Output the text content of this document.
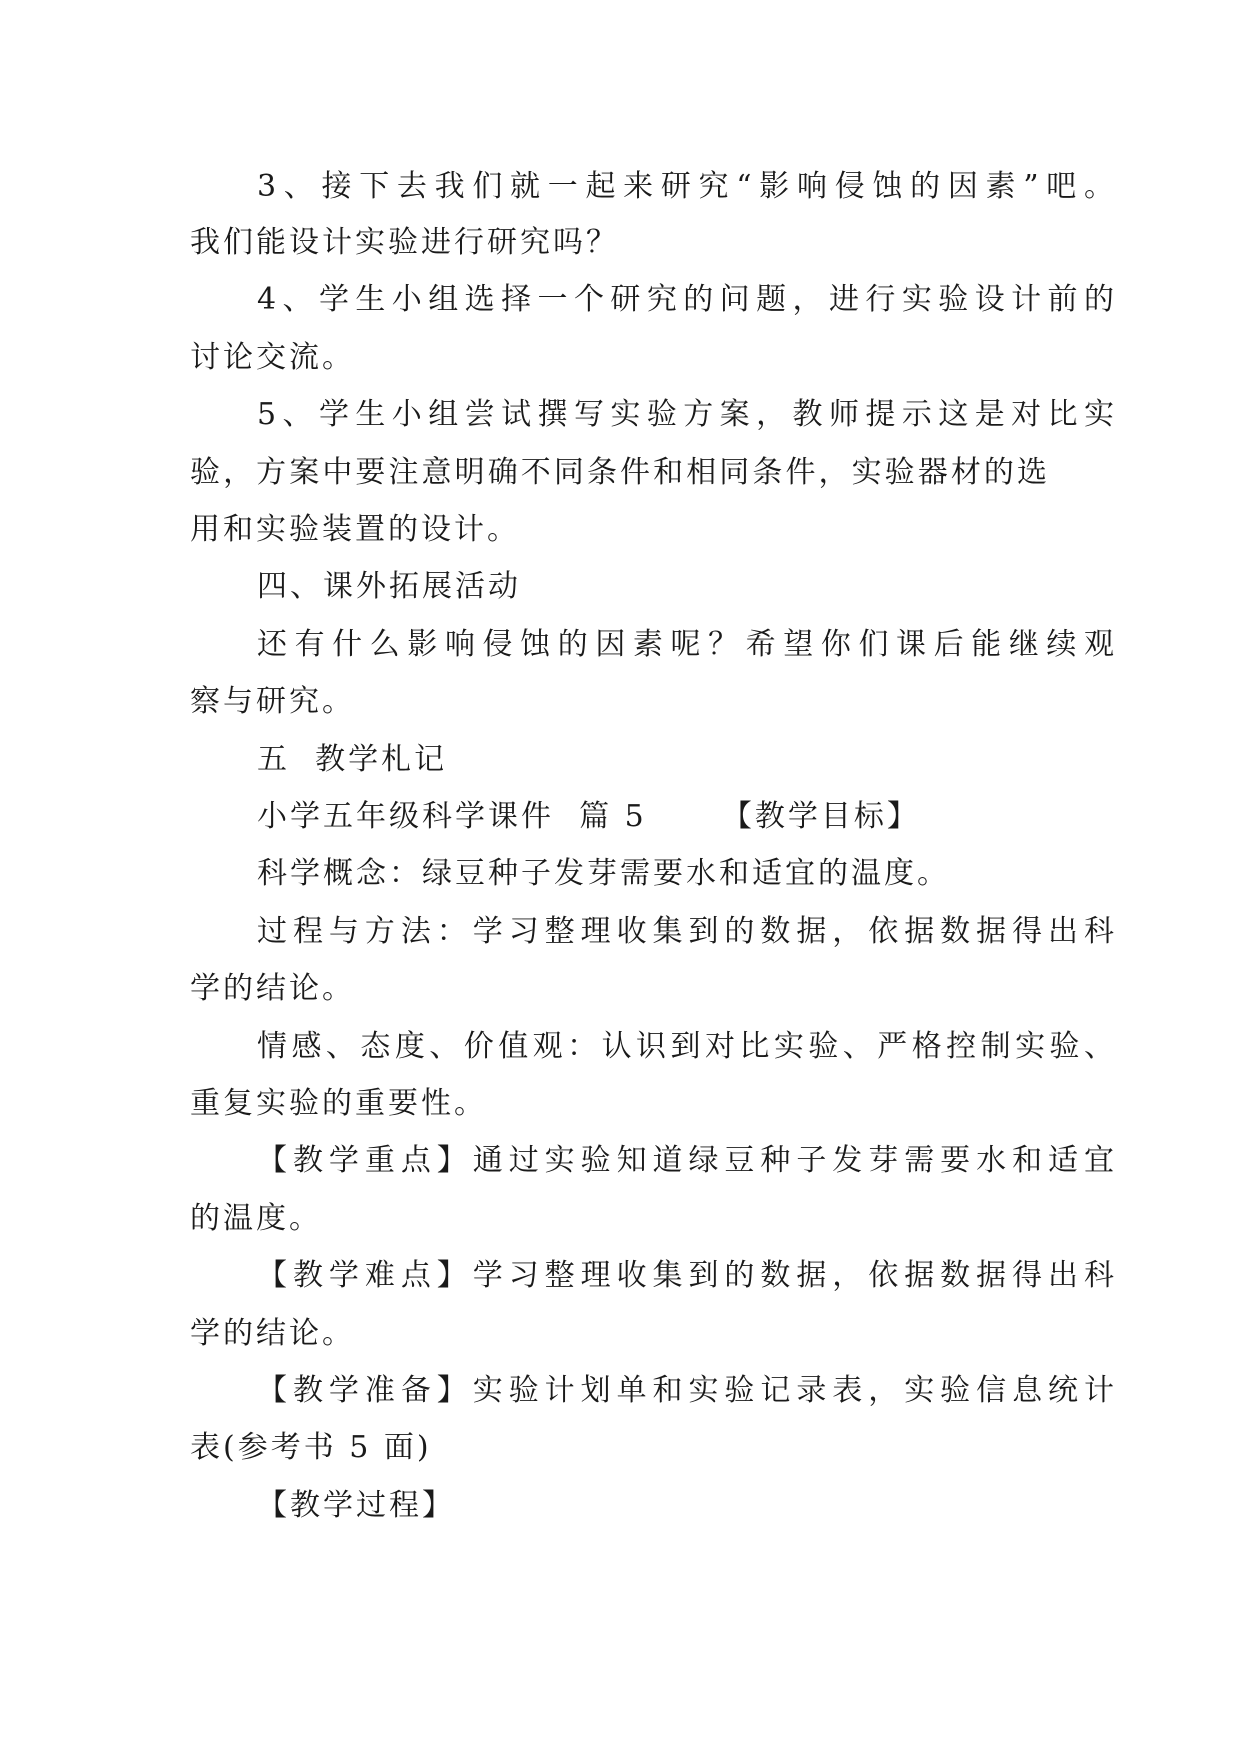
3、接下去我们就一起来研究“影响侵蚀的因素”吧。
我们能设计实验进行研究吗？
4、学生小组选择一个研究的问题，进行实验设计前的
讨论交流。
5、学生小组尝试撰写实验方案，教师提示这是对比实
验，方案中要注意明确不同条件和相同条件，实验器材的选
用和实验装置的设计。
四、课外拓展活动
还有什么影响侵蚀的因素呢？希望你们课后能继续观
察与研究。
五  教学札记
小学五年级科学课件  篇 5      【教学目标】
科学概念：绿豆种子发芽需要水和适宜的温度。
过程与方法：学习整理收集到的数据，依据数据得出科
学的结论。
情感、态度、价值观：认识到对比实验、严格控制实验、
重复实验的重要性。
【教学重点】通过实验知道绿豆种子发芽需要水和适宜
的温度。
【教学难点】学习整理收集到的数据，依据数据得出科
学的结论。
【教学准备】实验计划单和实验记录表，实验信息统计
表(参考书 5 面)
【教学过程】
